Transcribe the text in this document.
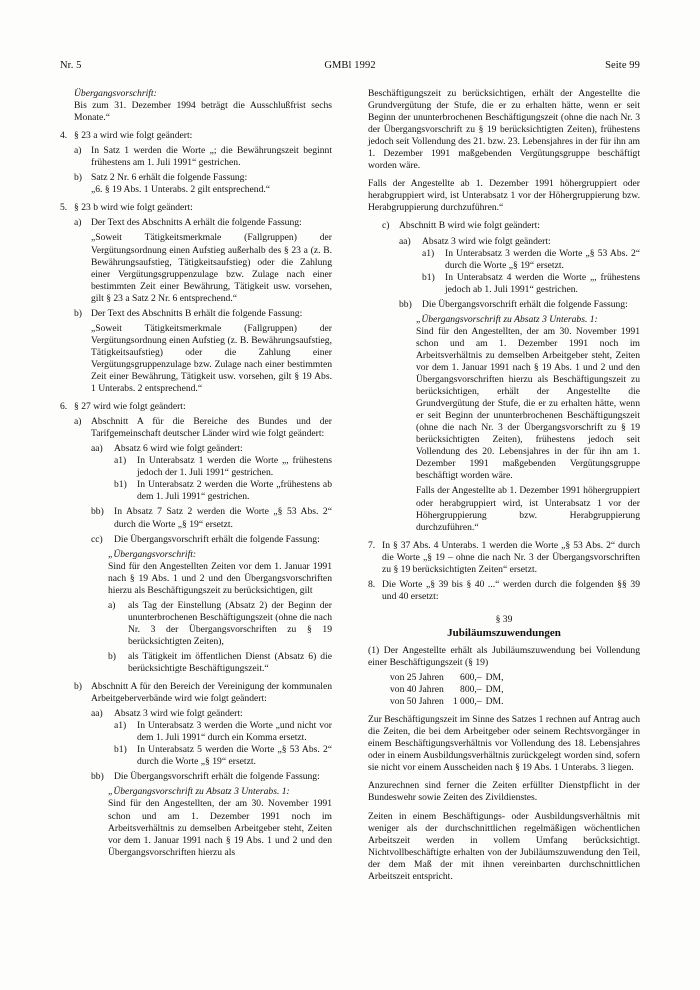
Nr. 5	GMBl 1992	Seite 99

Übergangsvorschrift:

Bis zum 31. Dezember 1994 beträgt die Ausschlußfrist sechs Monate.“

4. § 23 a wird wie folgt geändert:
a) In Satz 1 werden die Worte „; die Bewährungszeit beginnt frühestens am 1. Juli 1991“ gestrichen.
b) Satz 2 Nr. 6 erhält die folgende Fassung:

„6. § 19 Abs. 1 Unterabs. 2 gilt entsprechend.“

5. § 23 b wird wie folgt geändert:
a) Der Text des Abschnitts A erhält die folgende Fassung:

„Soweit Tätigkeitsmerkmale (Fallgruppen) der Vergütungsordnung einen Aufstieg außerhalb des § 23 a (z. B. Bewährungsaufstieg, Tätigkeitsaufstieg) oder die Zahlung einer Vergütungsgruppenzulage bzw. Zulage nach einer bestimmten Zeit einer Bewährung, Tätigkeit usw. vorsehen, gilt § 23 a Satz 2 Nr. 6 entsprechend.“

b) Der Text des Abschnitts B erhält die folgende Fassung:

„Soweit Tätigkeitsmerkmale (Fallgruppen) der Vergütungsordnung einen Aufstieg (z. B. Bewährungsaufstieg, Tätigkeitsaufstieg) oder die Zahlung einer Vergütungsgruppenzulage bzw. Zulage nach einer bestimmten Zeit einer Bewährung, Tätigkeit usw. vorsehen, gilt § 19 Abs. 1 Unterabs. 2 entsprechend.“

6. § 27 wird wie folgt geändert:
a) Abschnitt A für die Bereiche des Bundes und der Tarifgemeinschaft deutscher Länder wird wie folgt geändert:
aa)	Absatz 6 wird wie folgt geändert:
a1)	In Unterabsatz 1 werden die Worte „, frühestens jedoch der 1. Juli 1991“ gestrichen.
b1)	In Unterabsatz 2 werden die Worte „frühestens ab dem 1. Juli 1991“ gestrichen.
bb)	In Absatz 7 Satz 2 werden die Worte „§ 53 Abs. 2“ durch die Worte „§ 19“ ersetzt.
cc)	Die Übergangsvorschrift erhält die folgende Fassung:

„Übergangsvorschrift:

Sind für den Angestellten Zeiten vor dem 1. Januar 1991 nach § 19 Abs. 1 und 2 und den Übergangsvorschriften hierzu als Beschäftigungszeit zu berücksichtigen, gilt

a)	als Tag der Einstellung (Absatz 2) der Beginn der ununterbrochenen Beschäftigungszeit (ohne die nach Nr. 3 der Übergangsvorschriften zu § 19 berücksichtigten Zeiten),
b)	als Tätigkeit im öffentlichen Dienst (Absatz 6) die berücksichtigte Beschäftigungszeit.“
b) Abschnitt A für den Bereich der Vereinigung der kommunalen Arbeitgeberverbände wird wie folgt geändert:
aa)	Absatz 3 wird wie folgt geändert:
a1)	In Unterabsatz 3 werden die Worte „und nicht vor dem 1. Juli 1991“ durch ein Komma ersetzt.
b1)	In Unterabsatz 5 werden die Worte „§ 53 Abs. 2“ durch die Worte „§ 19“ ersetzt.
bb)	Die Übergangsvorschrift erhält die folgende Fassung:

„Übergangsvorschrift zu Absatz 3 Unterabs. 1:

Sind für den Angestellten, der am 30. November 1991 schon und am 1. Dezember 1991 noch im Arbeitsverhältnis zu demselben Arbeitgeber steht, Zeiten vor dem 1. Januar 1991 nach § 19 Abs. 1 und 2 und den Übergangsvorschriften hierzu als

Beschäftigungszeit zu berücksichtigen, erhält der Angestellte die Grundvergütung der Stufe, die er zu erhalten hätte, wenn er seit Beginn der ununterbrochenen Beschäftigungszeit (ohne die nach Nr. 3 der Übergangsvorschrift zu § 19 berücksichtigten Zeiten), frühestens jedoch seit Vollendung des 21. bzw. 23. Lebensjahres in der für ihn am 1. Dezember 1991 maßgebenden Vergütungsgruppe beschäftigt worden wäre.

Falls der Angestellte ab 1. Dezember 1991 höhergruppiert oder herabgruppiert wird, ist Unterabsatz 1 vor der Höhergruppierung bzw. Herabgruppierung durchzuführen.“

c) Abschnitt B wird wie folgt geändert:
aa)	Absatz 3 wird wie folgt geändert:
a1)	In Unterabsatz 3 werden die Worte „§ 53 Abs. 2“ durch die Worte „§ 19“ ersetzt.
b1)	In Unterabsatz 4 werden die Worte „, frühestens jedoch ab 1. Juli 1991“ gestrichen.
bb)	Die Übergangsvorschrift erhält die folgende Fassung:

„Übergangsvorschrift zu Absatz 3 Unterabs. 1:

Sind für den Angestellten, der am 30. November 1991 schon und am 1. Dezember 1991 noch im Arbeitsverhältnis zu demselben Arbeitgeber steht, Zeiten vor dem 1. Januar 1991 nach § 19 Abs. 1 und 2 und den Übergangsvorschriften hierzu als Beschäftigungszeit zu berücksichtigen, erhält der Angestellte die Grundvergütung der Stufe, die er zu erhalten hätte, wenn er seit Beginn der ununterbrochenen Beschäftigungszeit (ohne die nach Nr. 3 der Übergangsvorschrift zu § 19 berücksichtigten Zeiten), frühestens jedoch seit Vollendung des 20. Lebensjahres in der für ihn am 1. Dezember 1991 maßgebenden Vergütungsgruppe beschäftigt worden wäre.

Falls der Angestellte ab 1. Dezember 1991 höhergruppiert oder herabgruppiert wird, ist Unterabsatz 1 vor der Höhergruppierung bzw. Herabgruppierung durchzuführen.“

7. In § 37 Abs. 4 Unterabs. 1 werden die Worte „§ 53 Abs. 2“ durch die Worte „§ 19 – ohne die nach Nr. 3 der Übergangsvorschriften zu § 19 berücksichtigten Zeiten“ ersetzt.
8. Die Worte „§ 39 bis § 40 ...“ werden durch die folgenden §§ 39 und 40 ersetzt:

§ 39

Jubiläumszuwendungen

(1) Der Angestellte erhält als Jubiläumszuwendung bei Vollendung einer Beschäftigungszeit (§ 19)

von 25 Jahren	600,–	DM,
von 40 Jahren	800,–	DM,
von 50 Jahren	1 000,–	DM.

Zur Beschäftigungszeit im Sinne des Satzes 1 rechnen auf Antrag auch die Zeiten, die bei dem Arbeitgeber oder seinem Rechtsvorgänger in einem Beschäftigungsverhältnis vor Vollendung des 18. Lebensjahres oder in einem Ausbildungsverhältnis zurückgelegt worden sind, sofern sie nicht vor einem Ausscheiden nach § 19 Abs. 1 Unterabs. 3 liegen.

Anzurechnen sind ferner die Zeiten erfüllter Dienstpflicht in der Bundeswehr sowie Zeiten des Zivildienstes.

Zeiten in einem Beschäftigungs- oder Ausbildungsverhältnis mit weniger als der durchschnittlichen regelmäßigen wöchentlichen Arbeitszeit werden in vollem Umfang berücksichtigt. Nichtvollbeschäftigte erhalten von der Jubiläumszuwendung den Teil, der dem Maß der mit ihnen vereinbarten durchschnittlichen Arbeitszeit entspricht.
